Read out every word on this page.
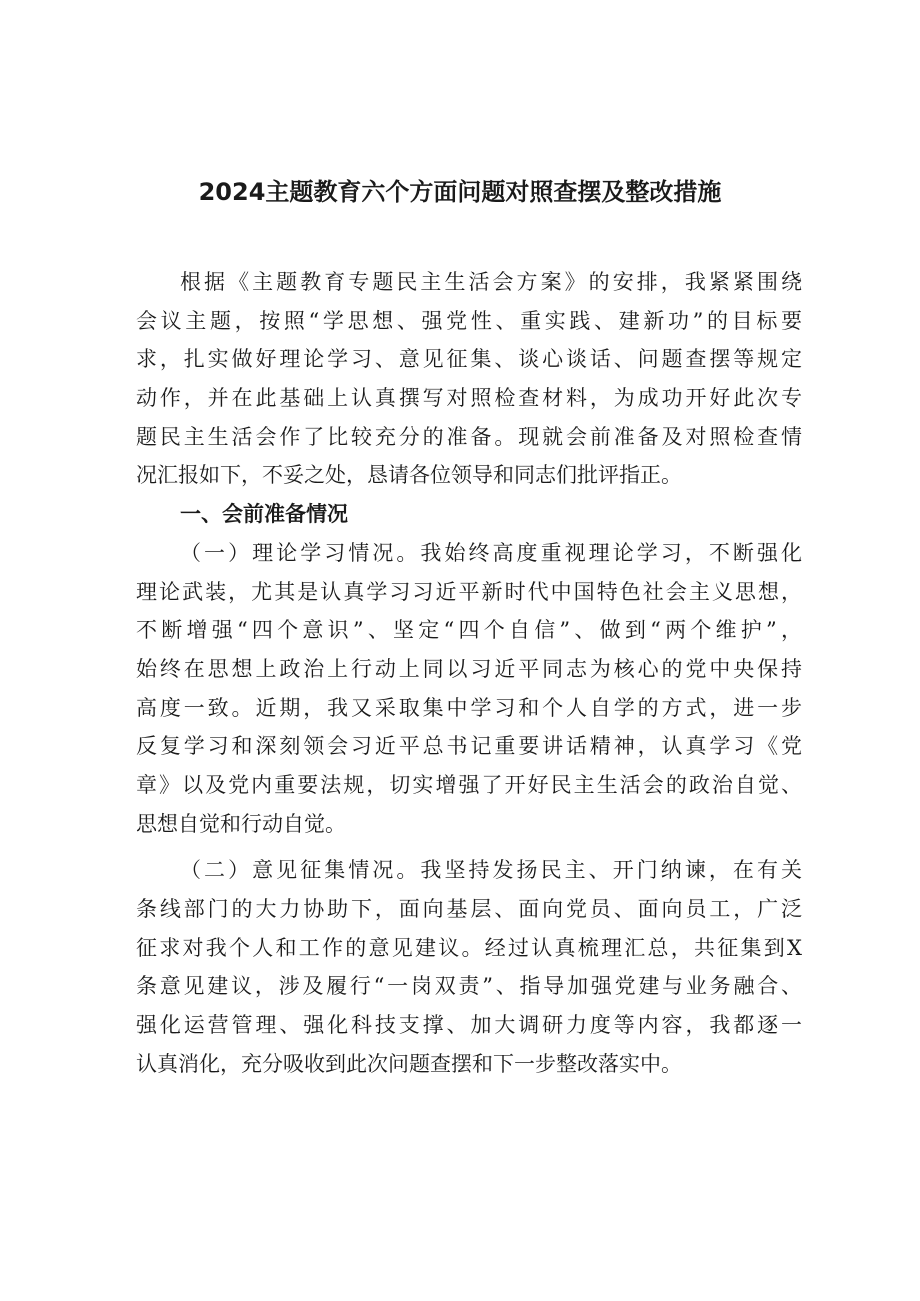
2024主题教育六个方面问题对照查摆及整改措施
根据《主题教育专题民主生活会方案》的安排，我紧紧围绕
会议主题，按照“学思想、强党性、重实践、建新功”的目标要
求，扎实做好理论学习、意见征集、谈心谈话、问题查摆等规定
动作，并在此基础上认真撰写对照检查材料，为成功开好此次专
题民主生活会作了比较充分的准备。现就会前准备及对照检查情
况汇报如下，不妥之处，恳请各位领导和同志们批评指正。
一、会前准备情况
（一）理论学习情况。我始终高度重视理论学习，不断强化
理论武装，尤其是认真学习习近平新时代中国特色社会主义思想，
不断增强“四个意识”、坚定“四个自信”、做到“两个维护”，
始终在思想上政治上行动上同以习近平同志为核心的党中央保持
高度一致。近期，我又采取集中学习和个人自学的方式，进一步
反复学习和深刻领会习近平总书记重要讲话精神，认真学习《党
章》以及党内重要法规，切实增强了开好民主生活会的政治自觉、
思想自觉和行动自觉。
（二）意见征集情况。我坚持发扬民主、开门纳谏，在有关
条线部门的大力协助下，面向基层、面向党员、面向员工，广泛
征求对我个人和工作的意见建议。经过认真梳理汇总，共征集到X
条意见建议，涉及履行“一岗双责”、指导加强党建与业务融合、
强化运营管理、强化科技支撑、加大调研力度等内容，我都逐一
认真消化，充分吸收到此次问题查摆和下一步整改落实中。
